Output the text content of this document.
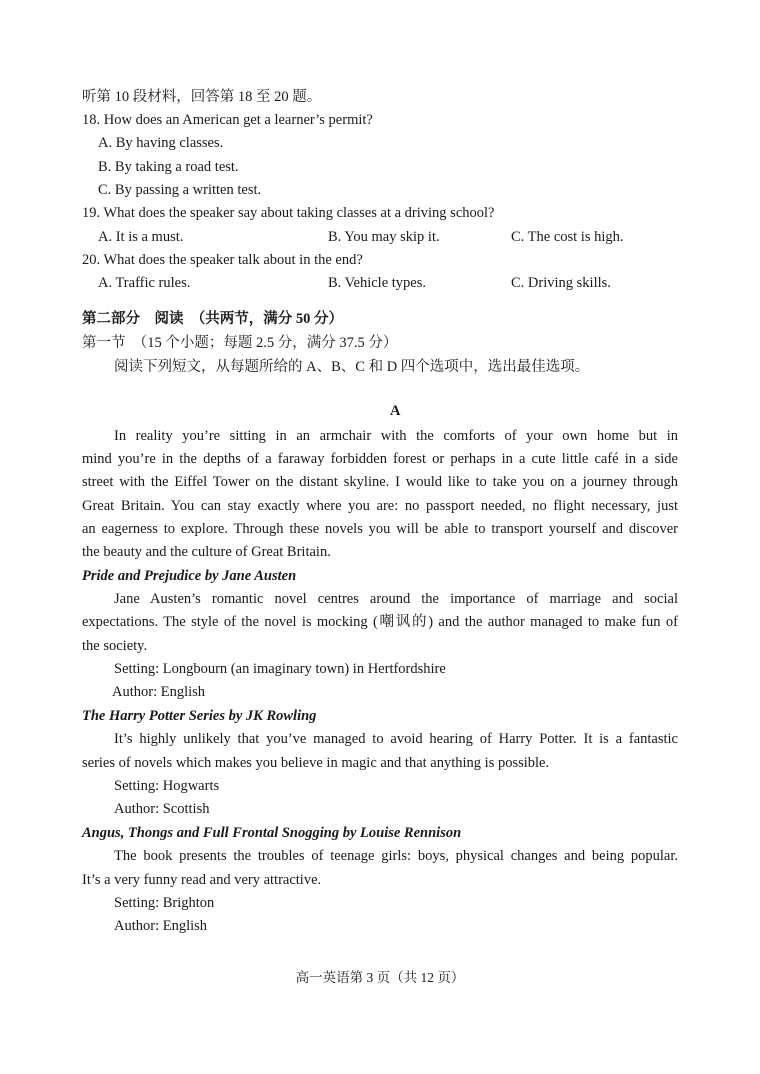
听第 10 段材料，回答第 18 至 20 题。
18. How does an American get a learner’s permit?
A. By having classes.
B. By taking a road test.
C. By passing a written test.
19. What does the speaker say about taking classes at a driving school?
A. It is a must.	B. You may skip it.	C. The cost is high.
20. What does the speaker talk about in the end?
A. Traffic rules.	B. Vehicle types.	C. Driving skills.
第二部分　阅读　（共两节，满分 50 分）
第一节　（15 个小题；每题 2.5 分，满分 37.5 分）
阅读下列短文，从每题所给的 A、B、C 和 D 四个选项中，选出最佳选项。
A
In reality you’re sitting in an armchair with the comforts of your own home but in
mind you’re in the depths of a faraway forbidden forest or perhaps in a cute little café in a side
street with the Eiffel Tower on the distant skyline. I would like to take you on a journey through
Great Britain. You can stay exactly where you are: no passport needed, no flight necessary, just
an eagerness to explore. Through these novels you will be able to transport yourself and discover
the beauty and the culture of Great Britain.
Pride and Prejudice by Jane Austen
Jane Austen’s romantic novel centres around the importance of marriage and social
expectations. The style of the novel is mocking (嘲讽的) and the author managed to make fun of
the society.
Setting: Longbourn (an imaginary town) in Hertfordshire
Author: English
The Harry Potter Series by JK Rowling
It’s highly unlikely that you’ve managed to avoid hearing of Harry Potter. It is a fantastic
series of novels which makes you believe in magic and that anything is possible.
Setting: Hogwarts
Author: Scottish
Angus, Thongs and Full Frontal Snogging by Louise Rennison
The book presents the troubles of teenage girls: boys, physical changes and being popular.
It’s a very funny read and very attractive.
Setting: Brighton
Author: English
高一英语第 3 页（共 12 页）
